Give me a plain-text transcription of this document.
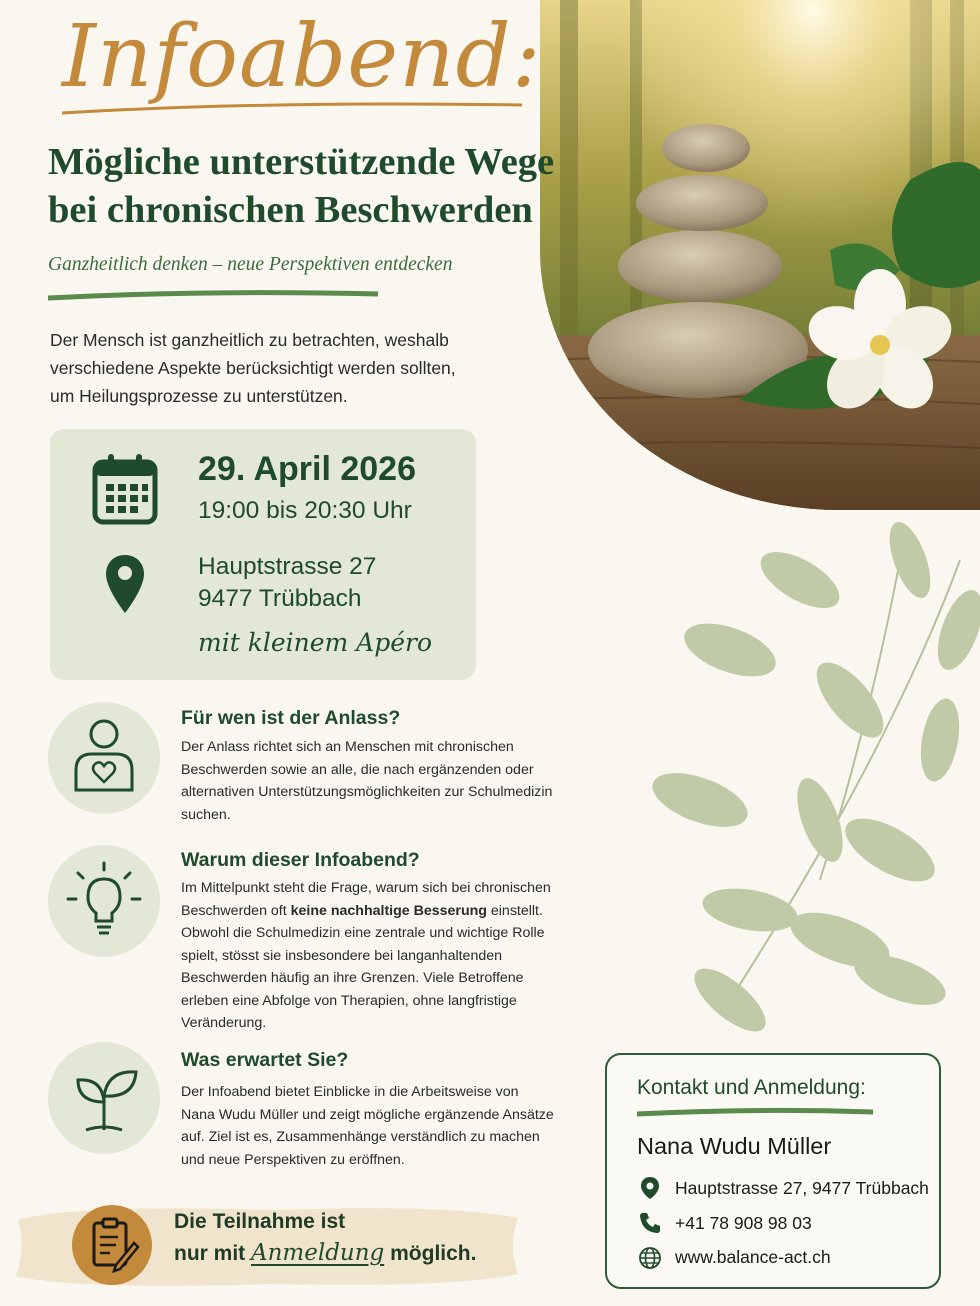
Infoabend:
Mögliche unterstützende Wege
bei chronischen Beschwerden
Ganzheitlich denken – neue Perspektiven entdecken
Der Mensch ist ganzheitlich zu betrachten, weshalb
verschiedene Aspekte berücksichtigt werden sollten,
um Heilungsprozesse zu unterstützen.
29. April 2026
19:00 bis 20:30 Uhr
Hauptstrasse 27
9477 Trübbach
mit kleinem Apéro
Für wen ist der Anlass?
Der Anlass richtet sich an Menschen mit chronischen
Beschwerden sowie an alle, die nach ergänzenden oder
alternativen Unterstützungsmöglichkeiten zur Schulmedizin
suchen.
Warum dieser Infoabend?
Im Mittelpunkt steht die Frage, warum sich bei chronischen
Beschwerden oft keine nachhaltige Besserung einstellt.
Obwohl die Schulmedizin eine zentrale und wichtige Rolle
spielt, stösst sie insbesondere bei langanhaltenden
Beschwerden häufig an ihre Grenzen. Viele Betroffene
erleben eine Abfolge von Therapien, ohne langfristige
Veränderung.
Was erwartet Sie?
Der Infoabend bietet Einblicke in die Arbeitsweise von
Nana Wudu Müller und zeigt mögliche ergänzende Ansätze
auf. Ziel ist es, Zusammenhänge verständlich zu machen
und neue Perspektiven zu eröffnen.
Die Teilnahme ist
nur mit Anmeldung möglich.
Kontakt und Anmeldung:
Nana Wudu Müller
Hauptstrasse 27, 9477 Trübbach
+41 78 908 98 03
www.balance-act.ch
